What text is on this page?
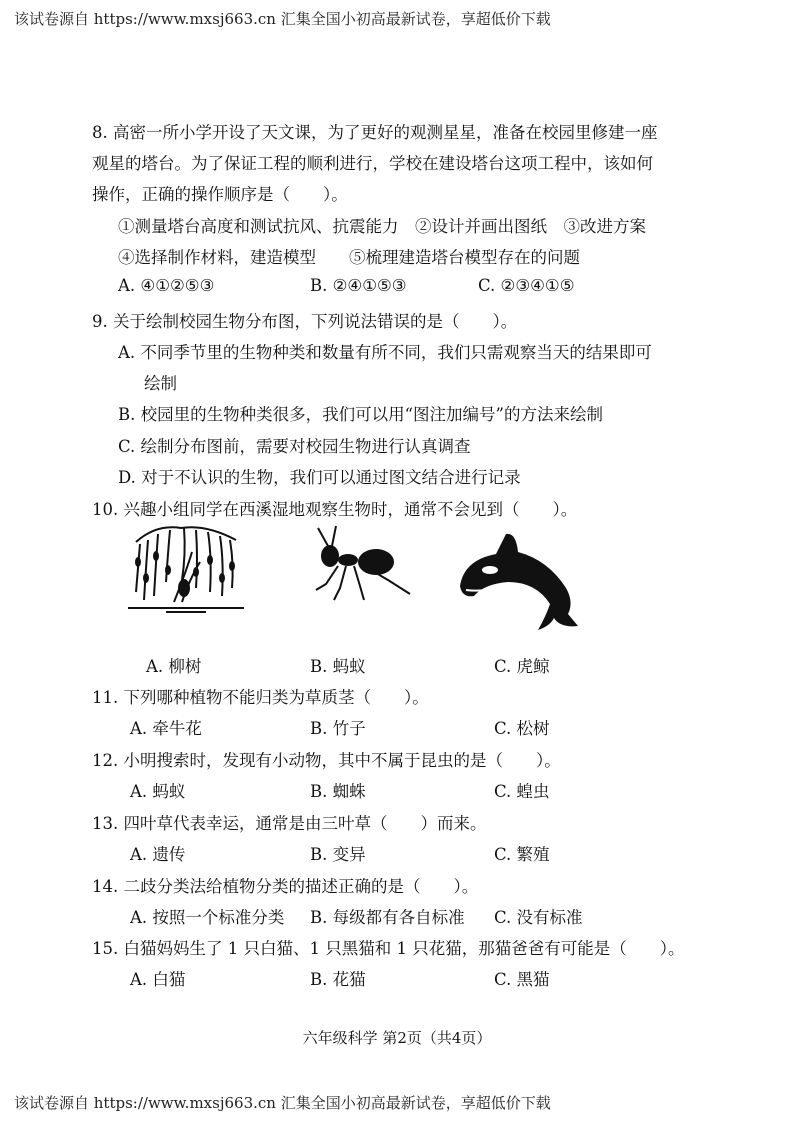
该试卷源自 https://www.mxsj663.cn 汇集全国小初高最新试卷，享超低价下载
8. 高密一所小学开设了天文课，为了更好的观测星星，准备在校园里修建一座
观星的塔台。为了保证工程的顺利进行，学校在建设塔台这项工程中，该如何
操作，正确的操作顺序是（　　）。
①测量塔台高度和测试抗风、抗震能力　②设计并画出图纸　③改进方案
④选择制作材料，建造模型　　⑤梳理建造塔台模型存在的问题
A. ④①②⑤③	B. ②④①⑤③	C. ②③④①⑤
9. 关于绘制校园生物分布图，下列说法错误的是（　　）。
A. 不同季节里的生物种类和数量有所不同，我们只需观察当天的结果即可
绘制
B. 校园里的生物种类很多，我们可以用“图注加编号”的方法来绘制
C. 绘制分布图前，需要对校园生物进行认真调查
D. 对于不认识的生物，我们可以通过图文结合进行记录
10. 兴趣小组同学在西溪湿地观察生物时，通常不会见到（　　）。
A. 柳树	B. 蚂蚁	C. 虎鲸
11. 下列哪种植物不能归类为草质茎（　　）。
A. 牵牛花	B. 竹子	C. 松树
12. 小明搜索时，发现有小动物，其中不属于昆虫的是（　　）。
A. 蚂蚁	B. 蜘蛛	C. 蝗虫
13. 四叶草代表幸运，通常是由三叶草（　　）而来。
A. 遗传	B. 变异	C. 繁殖
14. 二歧分类法给植物分类的描述正确的是（　　）。
A. 按照一个标准分类 B. 每级都有各自标准 C. 没有标准
15. 白猫妈妈生了 1 只白猫、1 只黑猫和 1 只花猫，那猫爸爸有可能是（　　）。
A. 白猫	B. 花猫	C. 黑猫
六年级科学 第2页（共4页）
该试卷源自 https://www.mxsj663.cn 汇集全国小初高最新试卷，享超低价下载
